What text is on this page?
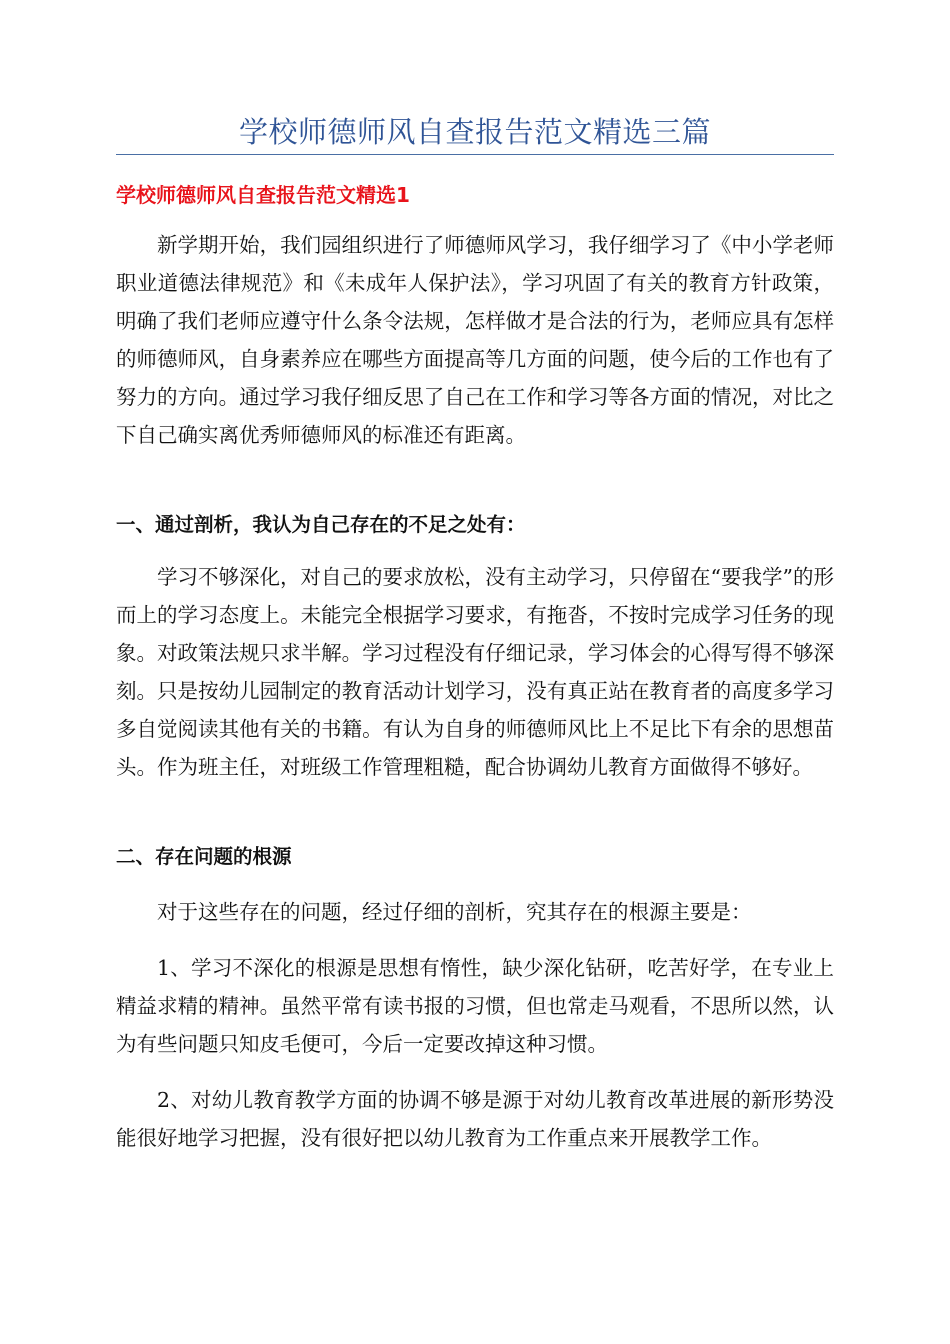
学校师德师风自查报告范文精选三篇
学校师德师风自查报告范文精选1

新学期开始，我们园组织进行了师德师风学习，我仔细学习了《中小学老师职业道德法律规范》和《未成年人保护法》，学习巩固了有关的教育方针政策，明确了我们老师应遵守什么条令法规，怎样做才是合法的行为，老师应具有怎样的师德师风，自身素养应在哪些方面提高等几方面的问题，使今后的工作也有了努力的方向。通过学习我仔细反思了自己在工作和学习等各方面的情况，对比之下自己确实离优秀师德师风的标准还有距离。

一、通过剖析，我认为自己存在的不足之处有：

学习不够深化，对自己的要求放松，没有主动学习，只停留在“要我学”的形而上的学习态度上。未能完全根据学习要求，有拖沓，不按时完成学习任务的现象。对政策法规只求半解。学习过程没有仔细记录，学习体会的心得写得不够深刻。只是按幼儿园制定的教育活动计划学习，没有真正站在教育者的高度多学习多自觉阅读其他有关的书籍。有认为自身的师德师风比上不足比下有余的思想苗头。作为班主任，对班级工作管理粗糙，配合协调幼儿教育方面做得不够好。

二、存在问题的根源

对于这些存在的问题，经过仔细的剖析，究其存在的根源主要是：

1、学习不深化的根源是思想有惰性，缺少深化钻研，吃苦好学，在专业上精益求精的精神。虽然平常有读书报的习惯，但也常走马观看，不思所以然，认为有些问题只知皮毛便可，今后一定要改掉这种习惯。

2、对幼儿教育教学方面的协调不够是源于对幼儿教育改革进展的新形势没能很好地学习把握，没有很好把以幼儿教育为工作重点来开展教学工作。
